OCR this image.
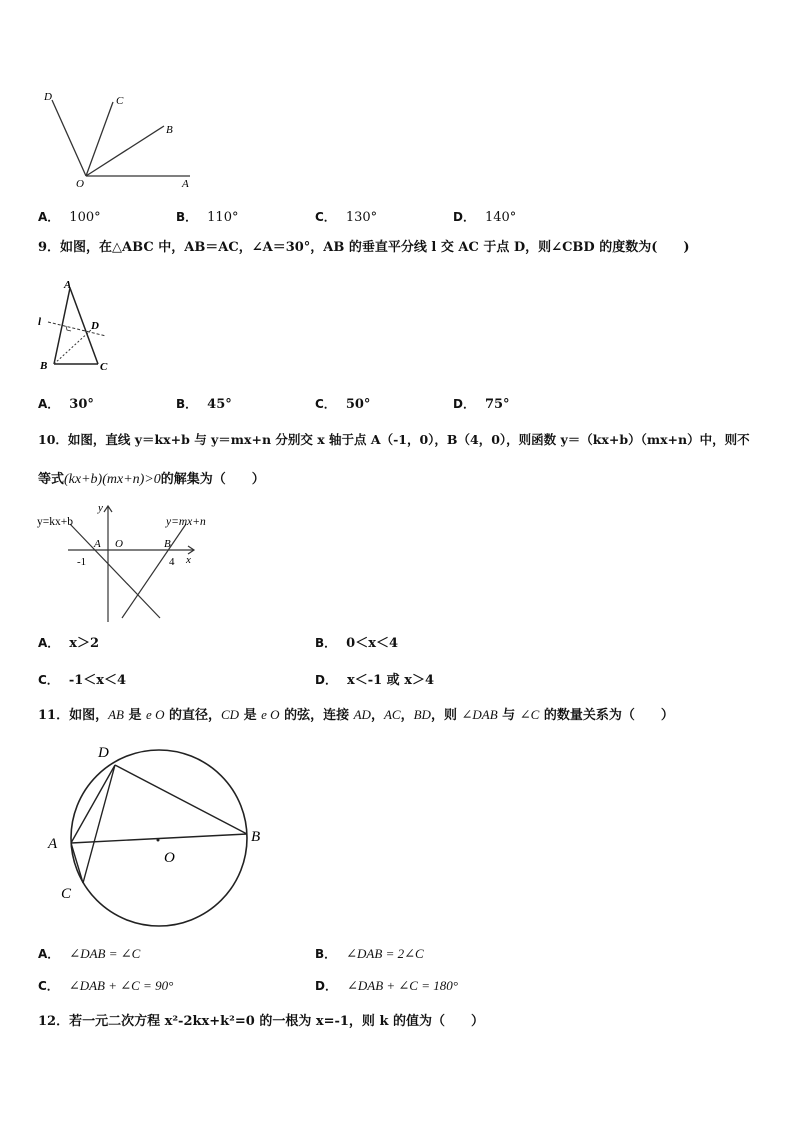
D	C
B
O	A
A． 100°	B． 110°	C． 130°	D． 140°
9．如图，在△ABC 中，AB＝AC，∠A＝30°，AB 的垂直平分线 l 交 AC 于点 D，则∠CBD 的度数为(　　)
A
l	D
B	C
A． 30°	B． 45°	C． 50°	D． 75°
10．如图，直线 y＝kx+b 与 y＝mx+n 分别交 x 轴于点 A（-1，0），B（4，0），则函数 y＝（kx+b）（mx+n）中，则不
等式(kx+b)(mx+n)>0的解集为（　　）
y=kx+b	y=mx+n
y
x
A O	B
-1	4
A． x＞2	B． 0＜x＜4
C． -1＜x＜4	D． x＜-1 或 x＞4
11．如图，AB 是 e O 的直径，CD 是 e O 的弦，连接 AD，AC，BD，则 ∠DAB 与 ∠C 的数量关系为（　　）
D
A	B
O
C
A． ∠DAB = ∠C	B． ∠DAB = 2∠C
C． ∠DAB + ∠C = 90°	D． ∠DAB + ∠C = 180°
12．若一元二次方程 x²-2kx+k²=0 的一根为 x=-1，则 k 的值为（　　）
